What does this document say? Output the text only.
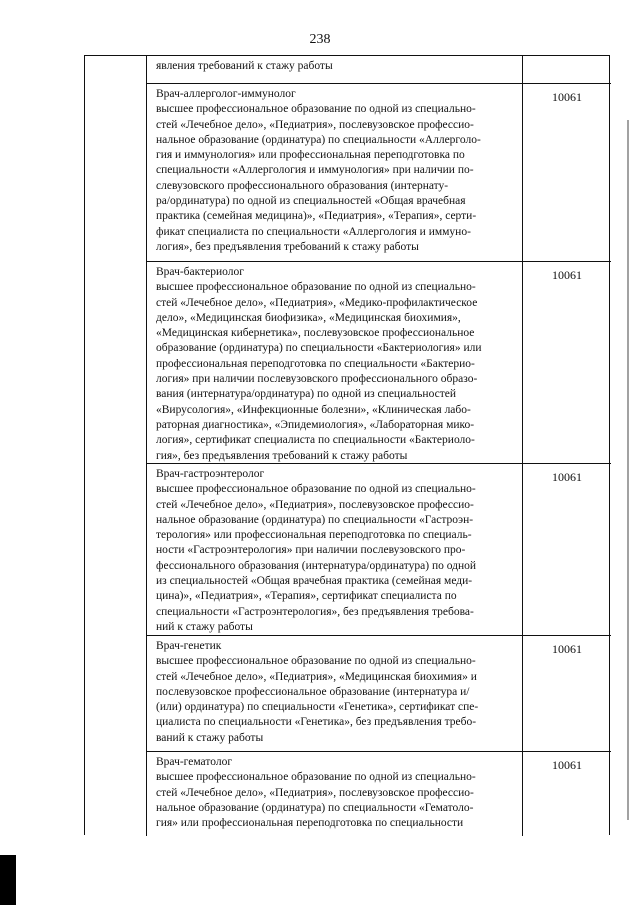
238
явления требований к стажу работы
Врач-аллерголог-иммунолог
высшее профессиональное образование по одной из специально-
стей «Лечебное дело», «Педиатрия», послевузовское профессио-
нальное образование (ординатура) по специальности «Аллерголо-
гия и иммунология» или профессиональная переподготовка по
специальности «Аллергология и иммунология» при наличии по-
слевузовского профессионального образования (интернату-
ра/ординатура) по одной из специальностей «Общая врачебная
практика (семейная медицина)», «Педиатрия», «Терапия», серти-
фикат специалиста по специальности «Аллергология и иммуно-
логия», без предъявления требований к стажу работы
10061
Врач-бактериолог
высшее профессиональное образование по одной из специально-
стей «Лечебное дело», «Педиатрия», «Медико-профилактическое
дело», «Медицинская биофизика», «Медицинская биохимия»,
«Медицинская кибернетика», послевузовское профессиональное
образование (ординатура) по специальности «Бактериология» или
профессиональная переподготовка по специальности «Бактерио-
логия» при наличии послевузовского профессионального образо-
вания (интернатура/ординатура) по одной из специальностей
«Вирусология», «Инфекционные болезни», «Клиническая лабо-
раторная диагностика», «Эпидемиология», «Лабораторная мико-
логия», сертификат специалиста по специальности «Бактериоло-
гия», без предъявления требований к стажу работы
10061
Врач-гастроэнтеролог
высшее профессиональное образование по одной из специально-
стей «Лечебное дело», «Педиатрия», послевузовское профессио-
нальное образование (ординатура) по специальности «Гастроэн-
терология» или профессиональная переподготовка по специаль-
ности «Гастроэнтерология» при наличии послевузовского про-
фессионального образования (интернатура/ординатура) по одной
из специальностей «Общая врачебная практика (семейная меди-
цина)», «Педиатрия», «Терапия», сертификат специалиста по
специальности «Гастроэнтерология», без предъявления требова-
ний к стажу работы
10061
Врач-генетик
высшее профессиональное образование по одной из специально-
стей «Лечебное дело», «Педиатрия», «Медицинская биохимия» и
послевузовское профессиональное образование (интернатура и/
(или) ординатура) по специальности «Генетика», сертификат спе-
циалиста по специальности «Генетика», без предъявления требо-
ваний к стажу работы
10061
Врач-гематолог
высшее профессиональное образование по одной из специально-
стей «Лечебное дело», «Педиатрия», послевузовское профессио-
нальное образование (ординатура) по специальности «Гематоло-
гия» или профессиональная переподготовка по специальности
10061
